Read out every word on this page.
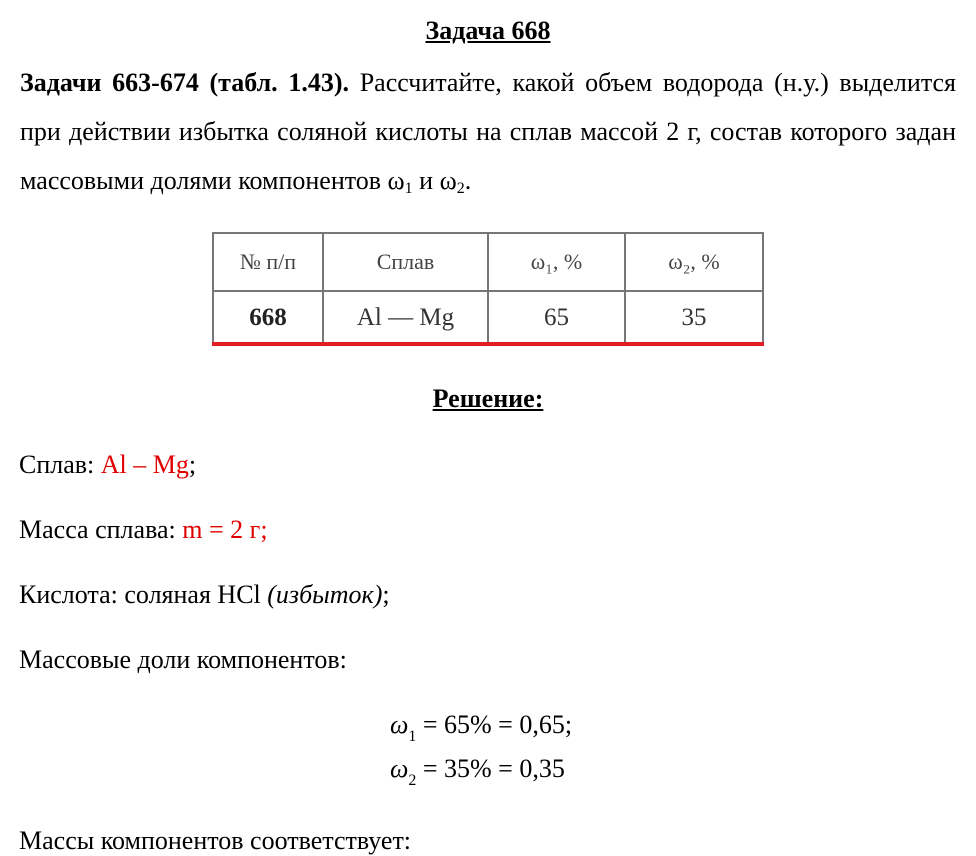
Задача 668
Задачи 663-674 (табл. 1.43). Рассчитайте, какой объем водорода (н.у.) выделится при действии избытка соляной кислоты на сплав массой 2 г, состав которого задан массовыми долями компонентов $\omega_1$ и $\omega_2$.
№ п/п	Сплав	ω₁, %	ω₂, %
668	Al — Mg	65	35
Решение:
Сплав: Al – Mg;
Масса сплава: m = 2 г;
Кислота: соляная HCl (избыток);
Массовые доли компонентов:
$\omega_1 = 65\% = 0,65$;
$\omega_2 = 35\% = 0,35$
Массы компонентов соответствует:
